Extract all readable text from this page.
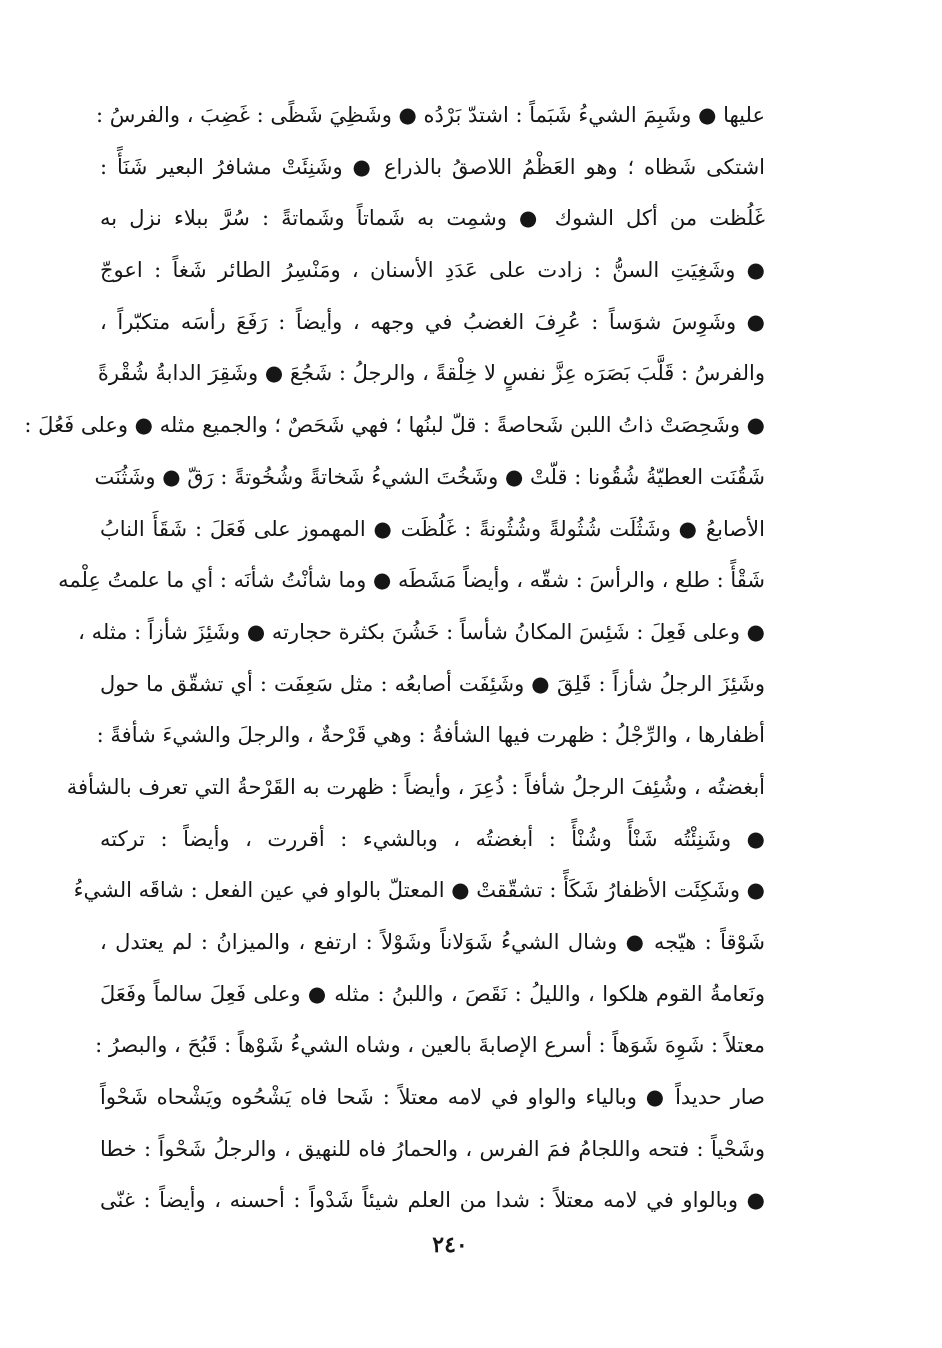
عليها ● وشَبِمَ الشيءُ شَبَماً : اشتدّ بَرْدُه ● وشَظِيَ شَظًى : غَضِبَ ، والفرسُ :
اشتكى شَظاه ؛ وهو العَظْمُ اللاصقُ بالذراع ● وشَنِئَتْ مشافرُ البعير شَنَأً :
غَلُظت من أكل الشوك ● وشمِت به شَماتاً وشَماتةً : سُرَّ ببلاء نزل به
● وشَغِيَتِ السنُّ : زادت على عَدَدِ الأسنان ، ومَنْسِرُ الطائر شَغاً : اعوجّ
● وشَوِسَ شوَساً : عُرِفَ الغضبُ في وجهه ، وأيضاً : رَفَعَ رأسَه متكبّراً ،
والفرسُ : قَلَّبَ بَصَرَه عِزَّ نفسٍ لا خِلْقةً ، والرجلُ : شَجُعَ ● وشَقِرَ الدابةُ شُقْرةً
● وشَحِصَتْ ذاتُ اللبن شَحاصةً : قلّ لبنُها ؛ فهي شَحَصٌ ؛ والجميع مثله ● وعلى فَعُلَ :
شَقُنَت العطيّةُ شُقُونا : قلّتْ ● وشَخُتَ الشيءُ شَخاتةً وشُخُوتةً : رَقّ ● وشَثُنَت
الأصابعُ ● وشَثُلَت شُثُولةً وشُثُونةً : غَلُظَت ● المهموز على فَعَلَ : شَقَأَ النابُ
شَقْأً : طلع ، والرأسَ : شقّه ، وأيضاً مَشَطَه ● وما شأنْتُ شأنَه : أي ما علمتُ عِلْمه
● وعلى فَعِلَ : شَئِسَ المكانُ شأساً : خَشُنَ بكثرة حجارته ● وشَئِزَ شأزاً : مثله ،
وشَئِزَ الرجلُ شأزاً : قَلِقَ ● وشَئِفَت أصابعُه : مثل سَعِفَت : أي تشقّق ما حول
أظفارها ، والرِّجْلُ : ظهرت فيها الشأفةُ : وهي قَرْحةٌ ، والرجلَ والشيءَ شأفةً :
أبغضتُه ، وشُئِفَ الرجلُ شأفاً : ذُعِرَ ، وأيضاً : ظهرت به القَرْحةُ التي تعرف بالشأفة
● وشَنِئْتُه شَنْأً وشُنْأً : أبغضتُه ، وبالشيء : أقررت ، وأيضاً : تركته
● وشَكِئَت الأظفارُ شَكَأً : تشقّقتْ ● المعتلّ بالواو في عين الفعل : شاقَه الشيءُ
شَوْقاً : هيّجه ● وشال الشيءُ شَوَلاناً وشَوْلاً : ارتفع ، والميزانُ : لم يعتدل ،
ونَعامةُ القوم هلكوا ، والليلُ : نَقَصَ ، واللبنُ : مثله ● وعلى فَعِلَ سالماً وفَعَلَ
معتلاً : شَوِهَ شَوَهاً : أسرع الإصابةَ بالعين ، وشاه الشيءُ شَوْهاً : قَبُحَ ، والبصرُ :
صار حديداً ● وبالياء والواو في لامه معتلاً : شَحا فاه يَشْحُوه ويَشْحاه شَحْواً
وشَحْياً : فتحه واللجامُ فمَ الفرس ، والحمارُ فاه للنهيق ، والرجلُ شَحْواً : خطا
● وبالواو في لامه معتلاً : شدا من العلم شيئاً شَدْواً : أحسنه ، وأيضاً : غنّى
٢٤٠
